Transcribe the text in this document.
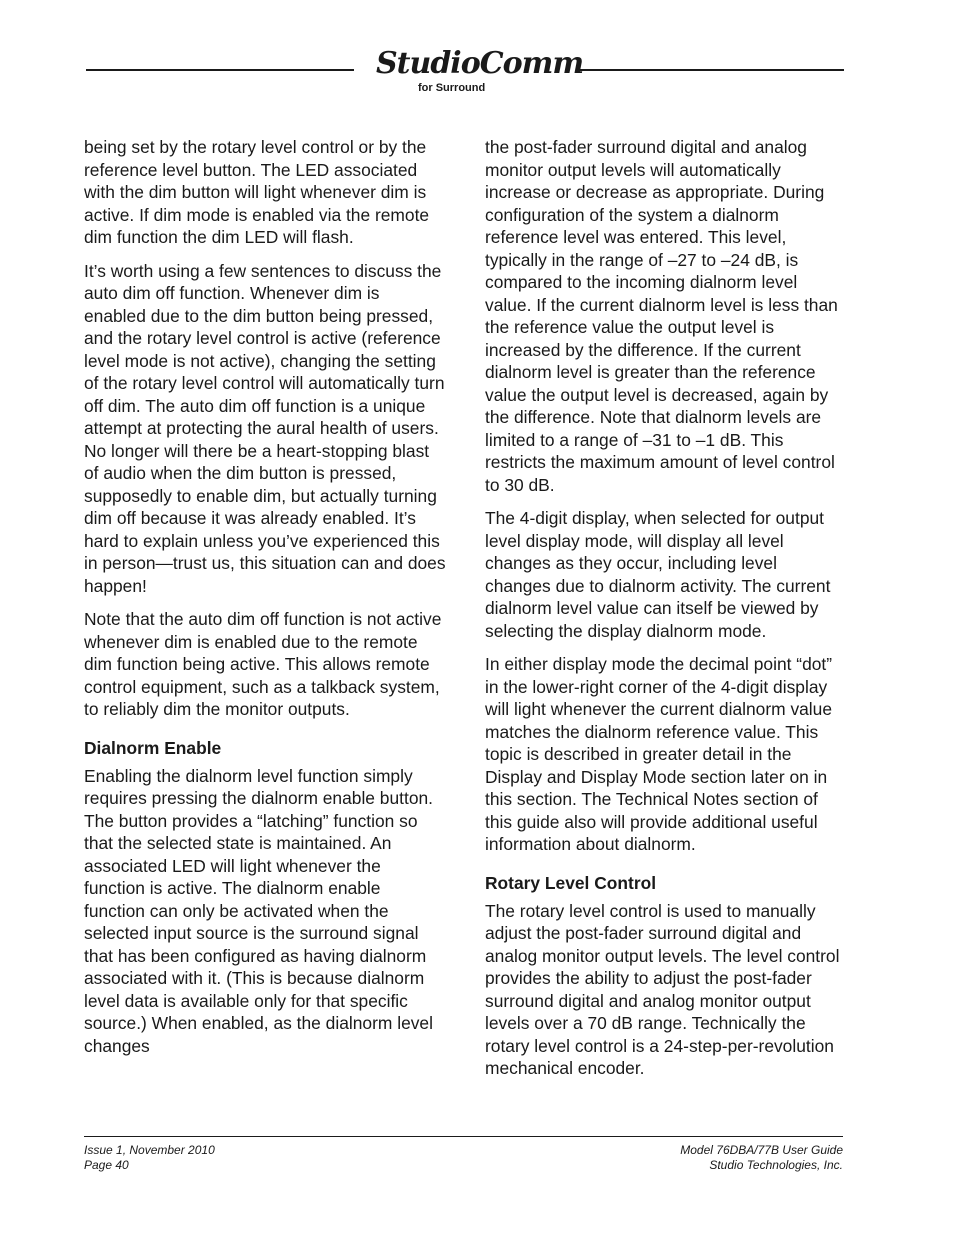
StudioComm
for Surround

being set by the rotary level control or by the reference level button. The LED associated with the dim button will light whenever dim is active. If dim mode is enabled via the remote dim function the dim LED will flash.

It’s worth using a few sentences to discuss the auto dim off function. Whenever dim is enabled due to the dim button being pressed, and the rotary level control is active (reference level mode is not active), changing the setting of the rotary level control will automatically turn off dim. The auto dim off function is a unique attempt at protecting the aural health of users. No longer will there be a heart-stopping blast of audio when the dim button is pressed, supposedly to enable dim, but actually turning dim off because it was already enabled. It’s hard to explain unless you’ve experienced this in person—trust us, this situation can and does happen!

Note that the auto dim off function is not active whenever dim is enabled due to the remote dim function being active. This allows remote control equipment, such as a talkback system, to reliably dim the monitor outputs.

Dialnorm Enable

Enabling the dialnorm level function simply requires pressing the dialnorm enable button. The button provides a “latching” function so that the selected state is maintained. An associated LED will light whenever the function is active. The dialnorm enable function can only be activated when the selected input source is the surround signal that has been configured as having dialnorm associated with it. (This is because dialnorm level data is available only for that specific source.) When enabled, as the dialnorm level changes

the post-fader surround digital and analog monitor output levels will automatically increase or decrease as appropriate. During configuration of the system a dialnorm reference level was entered. This level, typically in the range of –27 to –24 dB, is compared to the incoming dialnorm level value. If the current dialnorm level is less than the reference value the output level is increased by the difference. If the current dialnorm level is greater than the reference value the output level is decreased, again by the difference. Note that dialnorm levels are limited to a range of –31 to –1 dB. This restricts the maximum amount of level control to 30 dB.

The 4-digit display, when selected for output level display mode, will display all level changes as they occur, including level changes due to dialnorm activity. The current dialnorm level value can itself be viewed by selecting the display dialnorm mode.

In either display mode the decimal point “dot” in the lower-right corner of the 4-digit display will light whenever the current dialnorm value matches the dialnorm reference value. This topic is described in greater detail in the Display and Display Mode section later on in this section. The Technical Notes section of this guide also will provide additional useful information about dialnorm.

Rotary Level Control

The rotary level control is used to manually adjust the post-fader surround digital and analog monitor output levels. The level control provides the ability to adjust the post-fader surround digital and analog monitor output levels over a 70 dB range. Technically the rotary level control is a 24-step-per-revolution mechanical encoder.

Issue 1, November 2010
Page 40
Model 76DBA/77B User Guide
Studio Technologies, Inc.
